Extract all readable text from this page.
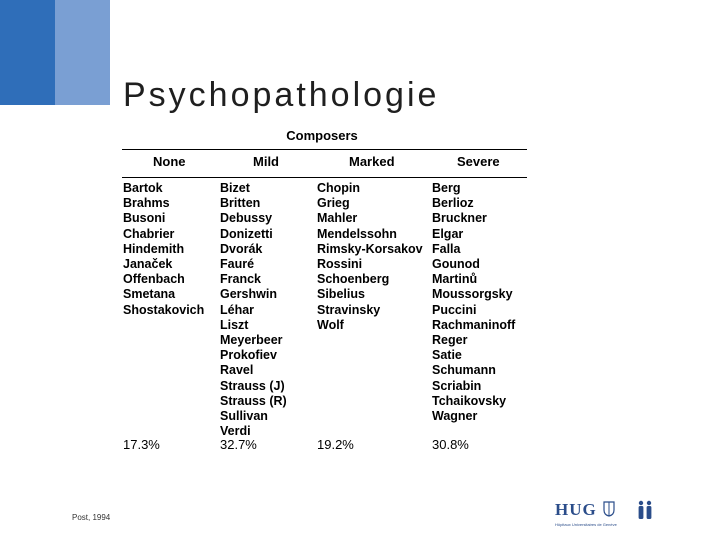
Psychopathologie
Composers
None
Bartok
Brahms
Busoni
Chabrier
Hindemith
Janaček
Offenbach
Smetana
Shostakovich
17.3%
Mild
Bizet
Britten
Debussy
Donizetti
Dvorák
Fauré
Franck
Gershwin
Léhar
Liszt
Meyerbeer
Prokofiev
Ravel
Strauss (J)
Strauss (R)
Sullivan
Verdi
32.7%
Marked
Chopin
Grieg
Mahler
Mendelssohn
Rimsky-Korsakov
Rossini
Schoenberg
Sibelius
Stravinsky
Wolf
19.2%
Severe
Berg
Berlioz
Bruckner
Elgar
Falla
Gounod
Martinů
Moussorgsky
Puccini
Rachmaninoff
Reger
Satie
Schumann
Scriabin
Tchaikovsky
Wagner
30.8%
Post, 1994	HUG
Hôpitaux Universitaires de Genève
